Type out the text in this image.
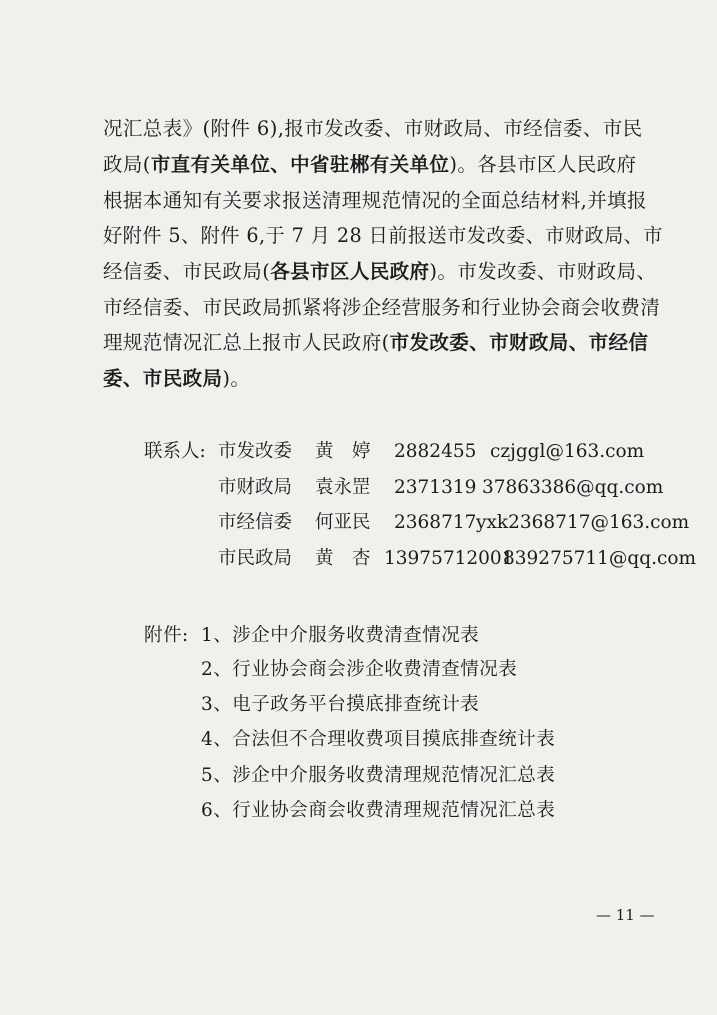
况汇总表》(附件 6),报市发改委、市财政局、市经信委、市民
政局(市直有关单位、中省驻郴有关单位)。各县市区人民政府
根据本通知有关要求报送清理规范情况的全面总结材料,并填报
好附件 5、附件 6,于 7 月 28 日前报送市发改委、市财政局、市
经信委、市民政局(各县市区人民政府)。市发改委、市财政局、
市经信委、市民政局抓紧将涉企经营服务和行业协会商会收费清
理规范情况汇总上报市人民政府(市发改委、市财政局、市经信
委、市民政局)。
联系人: 市发改委 黄　婷 2882455 czjggl@163.com
市财政局 袁永罡 2371319 37863386@qq.com
市经信委 何亚民 2368717 yxk2368717@163.com
市民政局 黄　杏 13975712001
839275711@qq.com
附件: 1、涉企中介服务收费清查情况表
2、行业协会商会涉企收费清查情况表
3、电子政务平台摸底排查统计表
4、合法但不合理收费项目摸底排查统计表
5、涉企中介服务收费清理规范情况汇总表
6、行业协会商会收费清理规范情况汇总表
— 11 —
